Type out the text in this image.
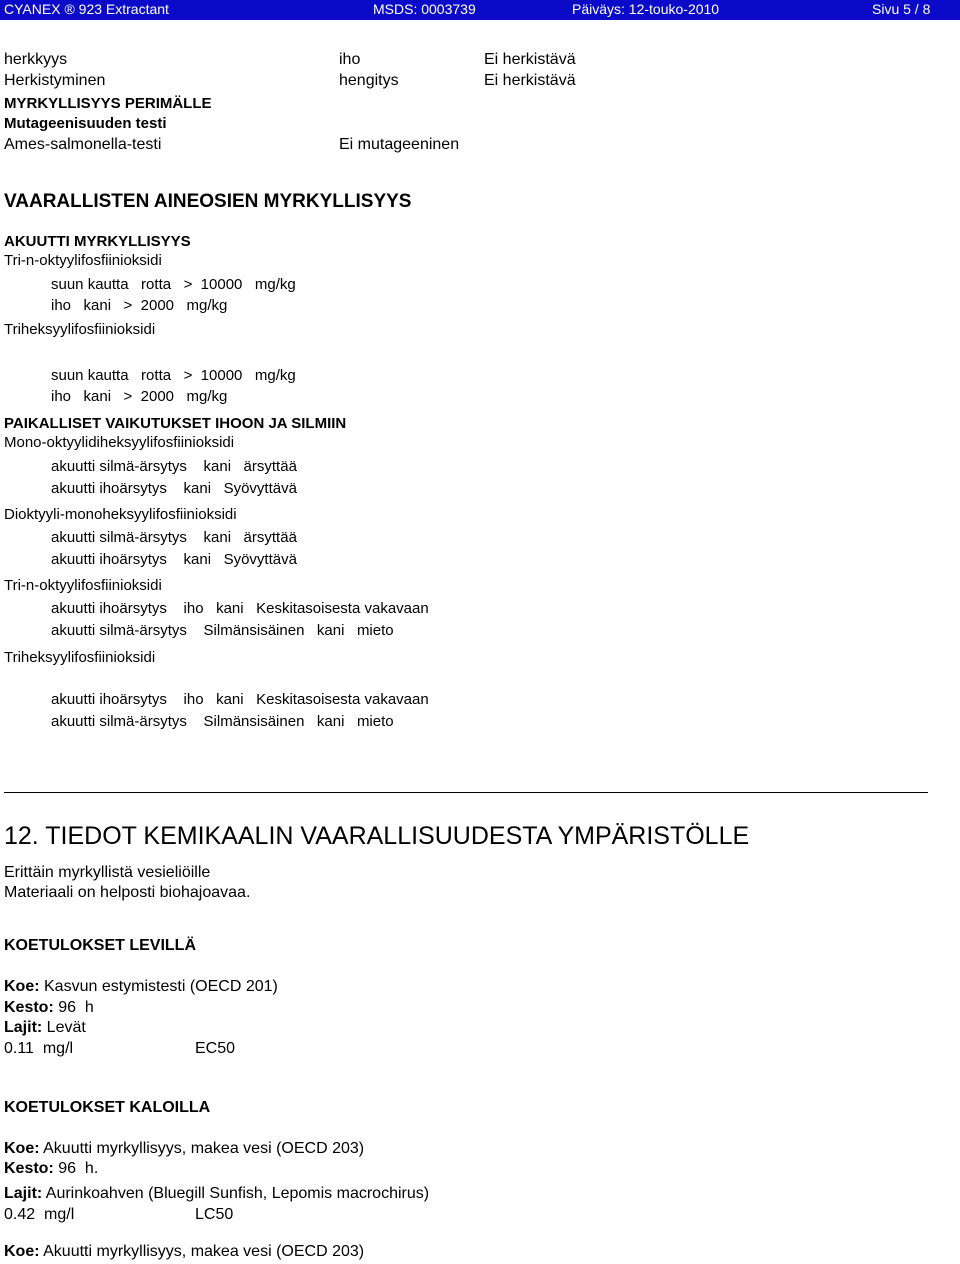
CYANEX ® 923 Extractant	MSDS: 0003739	Päiväys: 12-touko-2010	Sivu 5 / 8
herkkyys	iho	Ei herkistävä
Herkistyminen	hengitys	Ei herkistävä
MYRKYLLISYYS PERIMÄLLE
Mutageenisuuden testi
Ames-salmonella-testi	Ei mutageeninen
VAARALLISTEN AINEOSIEN MYRKYLLISYYS
AKUUTTI MYRKYLLISYYS
Tri-n-oktyylifosfiinioksidi
suun kautta   rotta   >  10000   mg/kg
iho   kani   >  2000   mg/kg
Triheksyylifosfiinioksidi
suun kautta   rotta   >  10000   mg/kg
iho   kani   >  2000   mg/kg
PAIKALLISET VAIKUTUKSET IHOON JA SILMIIN
Mono-oktyylidiheksyylifosfiinioksidi
akuutti silmä-ärsytys    kani   ärsyttää
akuutti ihoärsytys    kani   Syövyttävä
Dioktyyli-monoheksyylifosfiinioksidi
akuutti silmä-ärsytys    kani   ärsyttää
akuutti ihoärsytys    kani   Syövyttävä
Tri-n-oktyylifosfiinioksidi
akuutti ihoärsytys    iho   kani   Keskitasoisesta vakavaan
akuutti silmä-ärsytys    Silmänsisäinen   kani   mieto
Triheksyylifosfiinioksidi
akuutti ihoärsytys    iho   kani   Keskitasoisesta vakavaan
akuutti silmä-ärsytys    Silmänsisäinen   kani   mieto
12. TIEDOT KEMIKAALIN VAARALLISUUDESTA YMPÄRISTÖLLE
Erittäin myrkyllistä vesieliöille
Materiaali on helposti biohajoavaa.
KOETULOKSET LEVILLÄ
Koe: Kasvun estymistesti (OECD 201)
Kesto: 96  h
Lajit: Levät
0.11  mg/l	EC50
KOETULOKSET KALOILLA
Koe: Akuutti myrkyllisyys, makea vesi (OECD 203)
Kesto: 96  h.
Lajit: Aurinkoahven (Bluegill Sunfish, Lepomis macrochirus)
0.42  mg/l	LC50
Koe: Akuutti myrkyllisyys, makea vesi (OECD 203)
